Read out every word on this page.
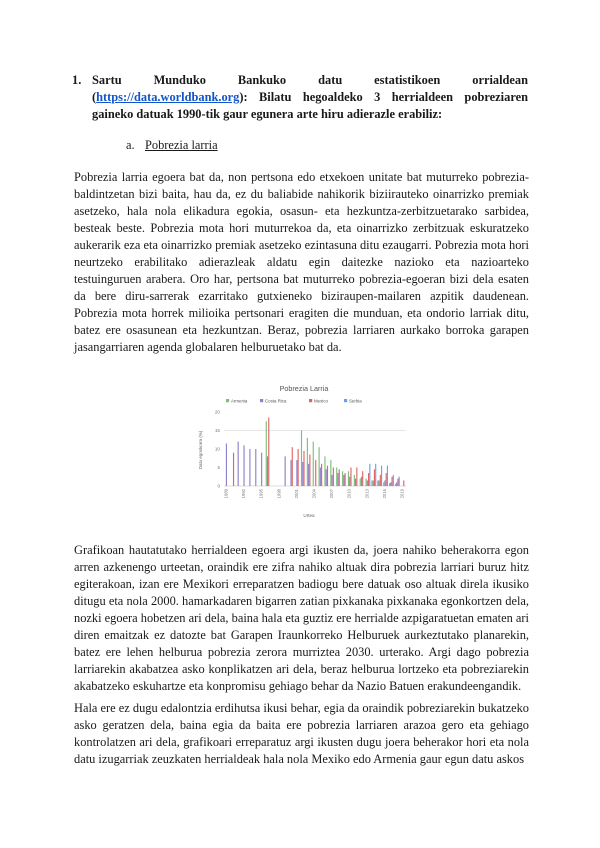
1. Sartu Munduko Bankuko datu estatistikoen orrialdean (https://data.worldbank.org): Bilatu hegoaldeko 3 herrialdeen pobreziaren gaineko datuak 1990-tik gaur egunera arte hiru adierazle erabiliz:
a. Pobrezia larria

Pobrezia larria egoera bat da, non pertsona edo etxekoen unitate bat muturreko pobrezia-baldintzetan bizi baita, hau da, ez du baliabide nahikorik biziirauteko oinarrizko premiak asetzeko, hala nola elikadura egokia, osasun- eta hezkuntza-zerbitzuetarako sarbidea, besteak beste. Pobrezia mota hori muturrekoa da, eta oinarrizko zerbitzuak eskuratzeko aukerarik eza eta oinarrizko premiak asetzeko ezintasuna ditu ezaugarri. Pobrezia mota hori neurtzeko erabilitako adierazleak aldatu egin daitezke nazioko eta nazioarteko testuinguruen arabera. Oro har, pertsona bat muturreko pobrezia-egoeran bizi dela esaten da bere diru-sarrerak ezarritako gutxieneko biziraupen-mailaren azpitik daudenean. Pobrezia mota horrek milioika pertsonari eragiten die munduan, eta ondorio larriak ditu, batez ere osasunean eta hezkuntzan. Beraz, pobrezia larriaren aurkako borroka garapen jasangarriaren agenda globalaren helburuetako bat da.

Pobrezia Larria
Armenia	Costa Rica	Mexico	Serbia
0
5
10
15
20
1989	1992	1995	1998	2001	2004	2007	2010	2013	2016	2019
Datu egonkorra (%)
Urtea

Grafikoan hautatutako herrialdeen egoera argi ikusten da, joera nahiko beherakorra egon arren azkenengo urteetan, oraindik ere zifra nahiko altuak dira pobrezia larriari buruz hitz egiterakoan, izan ere Mexikori erreparatzen badiogu bere datuak oso altuak direla ikusiko ditugu eta nola 2000. hamarkadaren bigarren zatian pixkanaka pixkanaka egonkortzen dela, nozki egoera hobetzen ari dela, baina hala eta guztiz ere herrialde azpigaratuetan ematen ari diren emaitzak ez datozte bat Garapen Iraunkorreko Helburuek aurkeztutako planarekin, batez ere lehen helburua pobrezia zerora murriztea 2030. urterako. Argi dago pobrezia larriarekin akabatzea asko konplikatzen ari dela, beraz helburua lortzeko eta pobreziarekin akabatzeko eskuhartze eta konpromisu gehiago behar da Nazio Batuen erakundeengandik.

Hala ere ez dugu edalontzia erdihutsa ikusi behar, egia da oraindik pobreziarekin bukatzeko asko geratzen dela, baina egia da baita ere pobrezia larriaren arazoa gero eta gehiago kontrolatzen ari dela, grafikoari erreparatuz argi ikusten dugu joera beherakor hori eta nola datu izugarriak zeuzkaten herrialdeak hala nola Mexiko edo Armenia gaur egun datu askos
